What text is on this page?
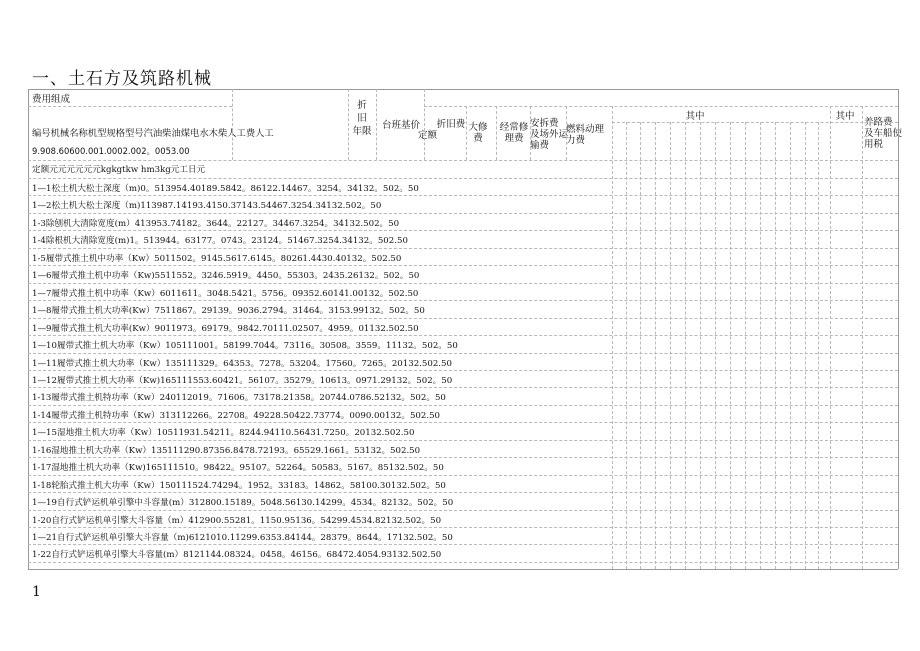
一、土石方及筑路机械
费用组成
编号机械名称机型规格型号汽油柴油煤电水木柴人工费人工
9.908.60600.001.0002.002。0053.00
定额元元元元元元kgkgtkw hm3kg元工日元
折
旧
年限
台班基价	折旧费
定额
大修
费
经常修
理费
安拆费
及场外运
输费
燃料动理
力费
其中	其中
养路费
及车船使
用税
1—1松土机大松土深度（m)0。513954.40189.5842。86122.14467。3254。34132。502。50
1—2松土机大松土深度（m)113987.14193.4150.37143.54467.3254.34132.502。50
1-3除刨机大清除宽度(m）413953.74182。3644。22127。34467.3254。34132.502。50
1-4除根机大清除宽度(m)1。513944。63177。0743。23124。51467.3254.34132。502.50
1-5履带式推土机中功率（Kw）5011502。9145.5617.6145。80261.4430.40132。502.50
1—6履带式推土机中功率（Kw)5511552。3246.5919。4450。55303。2435.26132。502。50
1—7履带式推土机中功率（Kw）6011611。3048.5421。5756。09352.60141.00132。502.50
1—8履带式推土机大功率(Kw）7511867。29139。9036.2794。31464。3153.99132。502。50
1—9履带式推土机大功率(Kw）9011973。69179。9842.70111.02507。4959。01132.502.50
1—10履带式推土机大功率（Kw）105111001。58199.7044。73116。30508。3559。11132。502。50
1—11履带式推土机大功率（Kw）135111329。64353。7278。53204。17560。7265。20132.502.50
1—12履带式推土机大功率（Kw)165111553.60421。56107。35279。10613。0971.29132。502。50
1-13履带式推土机特功率（Kw）240112019。71606。73178.21358。20744.0786.52132。502。50
1-14履带式推土机特功率（Kw）313112266。22708。49228.50422.73774。0090.00132。502.50
1—15湿地推土机大功率（Kw）10511931.54211。8244.94110.56431.7250。20132.502.50
1-16湿地推土机大功率（Kw）135111290.87356.8478.72193。65529.1661。53132。502.50
1-17湿地推土机大功率（Kw)165111510。98422。95107。52264。50583。5167。85132.502。50
1-18轮胎式推土机大功率（Kw）150111524.74294。1952。33183。14862。58100.30132.502。50
1—19自行式铲运机单引擎中斗容量(m）312800.15189。5048.56130.14299。4534。82132。502。50
1-20自行式铲运机单引擎大斗容量（m）412900.55281。1150.95136。54299.4534.82132.502。50
1—21自行式铲运机单引擎大斗容量（m)6121010.11299.6353.84144。28379。8644。17132.502。50
1-22自行式铲运机单引擎大斗容量(m）8121144.08324。0458。46156。68472.4054.93132.502.50
1
